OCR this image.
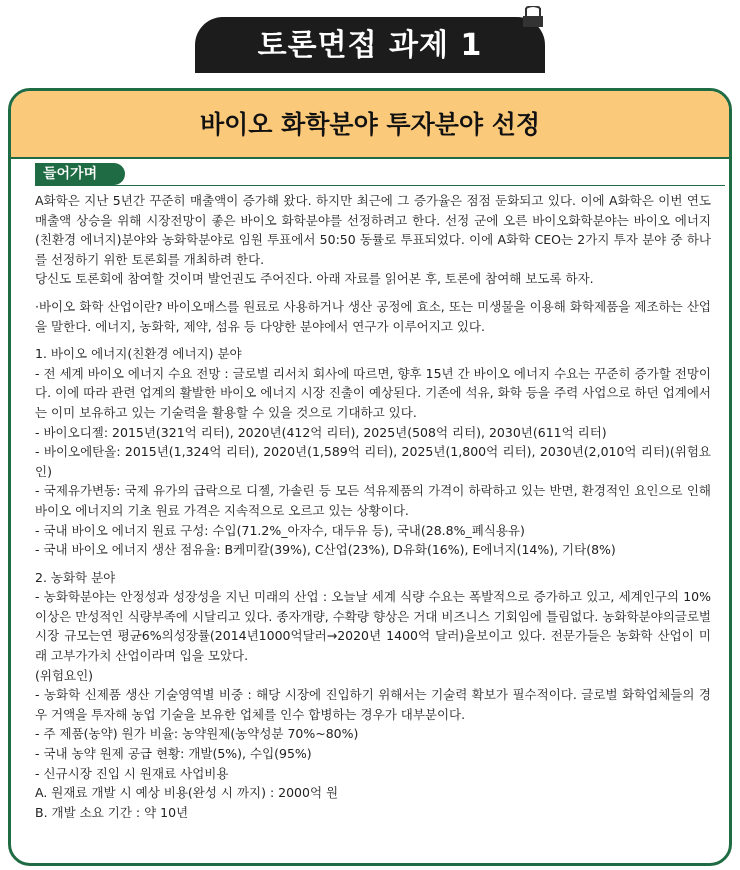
토론면접 과제 1
바이오 화학분야 투자분야 선정
들어가며

A화학은 지난 5년간 꾸준히 매출액이 증가해 왔다. 하지만 최근에 그 증가율은 점점 둔화되고 있다. 이에 A화학은 이번 연도 매출액 상승을 위해 시장전망이 좋은 바이오 화학분야를 선정하려고 한다. 선정 군에 오른 바이오화학분야는 바이오 에너지(친환경 에너지)분야와 농화학분야로 임원 투표에서 50:50 동률로 투표되었다. 이에 A화학 CEO는 2가지 투자 분야 중 하나를 선정하기 위한 토론회를 개최하려 한다.

당신도 토론회에 참여할 것이며 발언권도 주어진다. 아래 자료를 읽어본 후, 토론에 참여해 보도록 하자.

·바이오 화학 산업이란? 바이오매스를 원료로 사용하거나 생산 공정에 효소, 또는 미생물을 이용해 화학제품을 제조하는 산업을 말한다. 에너지, 농화학, 제약, 섬유 등 다양한 분야에서 연구가 이루어지고 있다.

1. 바이오 에너지(친환경 에너지) 분야

- 전 세계 바이오 에너지 수요 전망 : 글로벌 리서치 회사에 따르면, 향후 15년 간 바이오 에너지 수요는 꾸준히 증가할 전망이다. 이에 따라 관련 업계의 활발한 바이오 에너지 시장 진출이 예상된다. 기존에 석유, 화학 등을 주력 사업으로 하던 업계에서는 이미 보유하고 있는 기술력을 활용할 수 있을 것으로 기대하고 있다.

- 바이오디젤: 2015년(321억 리터), 2020년(412억 리터), 2025년(508억 리터), 2030년(611억 리터)

- 바이오에탄올: 2015년(1,324억 리터), 2020년(1,589억 리터), 2025년(1,800억 리터), 2030년(2,010억 리터)(위험요인)

- 국제유가변동: 국제 유가의 급락으로 디젤, 가솔린 등 모든 석유제품의 가격이 하락하고 있는 반면, 환경적인 요인으로 인해 바이오 에너지의 기초 원료 가격은 지속적으로 오르고 있는 상황이다.

- 국내 바이오 에너지 원료 구성: 수입(71.2%_아자수, 대두유 등), 국내(28.8%_폐식용유)

- 국내 바이오 에너지 생산 점유율: B케미칼(39%), C산업(23%), D유화(16%), E에너지(14%), 기타(8%)

2. 농화학 분야

- 농화학분야는 안정성과 성장성을 지닌 미래의 산업 : 오늘날 세계 식량 수요는 폭발적으로 증가하고 있고, 세계인구의 10% 이상은 만성적인 식량부족에 시달리고 있다. 종자개량, 수확량 향상은 거대 비즈니스 기회임에 틀림없다. 농화학분야의글로벌시장 규모는연 평균6%의성장률(2014년1000억달러→2020년 1400억 달러)을보이고 있다. 전문가들은 농화학 산업이 미래 고부가가치 산업이라며 입을 모았다.

(위험요인)

- 농화학 신제품 생산 기술영역별 비중 : 해당 시장에 진입하기 위해서는 기술력 확보가 필수적이다. 글로벌 화학업체들의 경우 거액을 투자해 농업 기술을 보유한 업체를 인수 합병하는 경우가 대부분이다.

- 주 제품(농약) 원가 비율: 농약원제(농약성분 70%~80%)

- 국내 농약 원제 공급 현황: 개발(5%), 수입(95%)

- 신규시장 진입 시 원재료 사업비용

A. 원재료 개발 시 예상 비용(완성 시 까지) : 2000억 원

B. 개발 소요 기간 : 약 10년
